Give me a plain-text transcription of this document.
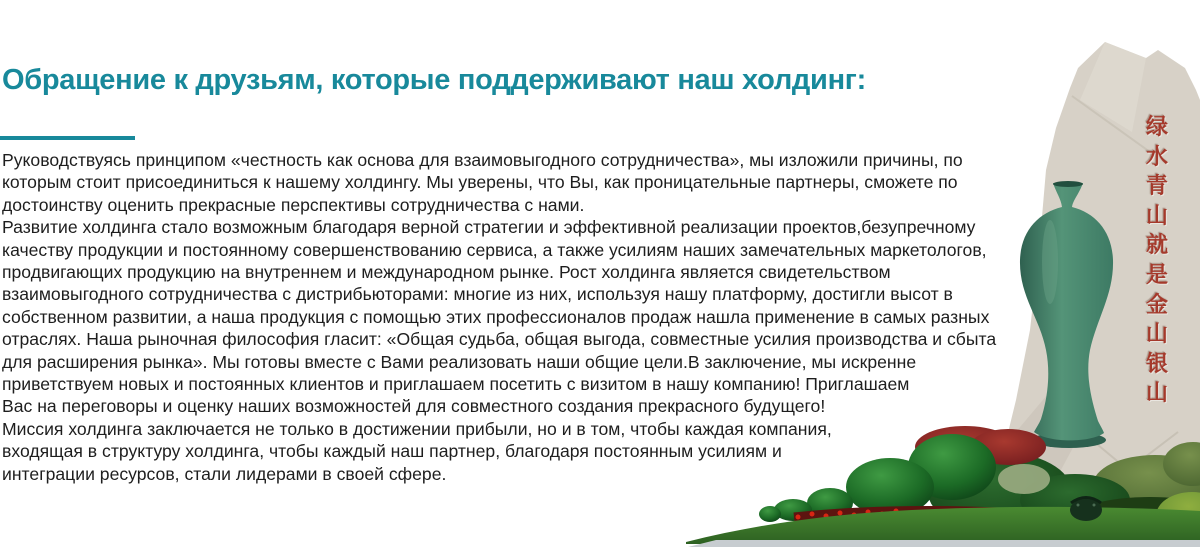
Обращение к друзьям, которые поддерживают наш холдинг:
Руководствуясь принципом «честность как основа для взаимовыгодного сотрудничества», мы изложили причины, по
которым стоит присоединиться к нашему холдингу. Мы уверены, что Вы, как проницательные партнеры, сможете по
достоинству оценить прекрасные перспективы сотрудничества с нами.
Развитие холдинга стало возможным благодаря верной стратегии и эффективной реализации проектов,безупречному
качеству продукции и постоянному совершенствованию сервиса, а также усилиям наших замечательных маркетологов,
продвигающих продукцию на внутреннем и международном рынке. Рост холдинга является свидетельством
взаимовыгодного сотрудничества с дистрибьюторами: многие из них, используя нашу платформу, достигли высот в
собственном развитии, а наша продукция с помощью этих профессионалов продаж нашла применение в самых разных
отраслях. Наша рыночная философия гласит: «Общая судьба, общая выгода, совместные усилия производства и сбыта
для расширения рынка». Мы готовы вместе с Вами реализовать наши общие цели.В заключение, мы искренне
приветствуем новых и постоянных клиентов и приглашаем посетить с визитом в нашу компанию! Приглашаем
Вас на переговоры и оценку наших возможностей для совместного создания прекрасного будущего!
Миссия холдинга заключается не только в достижении прибыли, но и в том, чтобы каждая компания,
входящая в структуру холдинга, чтобы каждый наш партнер, благодаря постоянным усилиям и
интеграции ресурсов, стали лидерами в своей сфере.
绿
水
青
山
就
是
金
山
银
山
